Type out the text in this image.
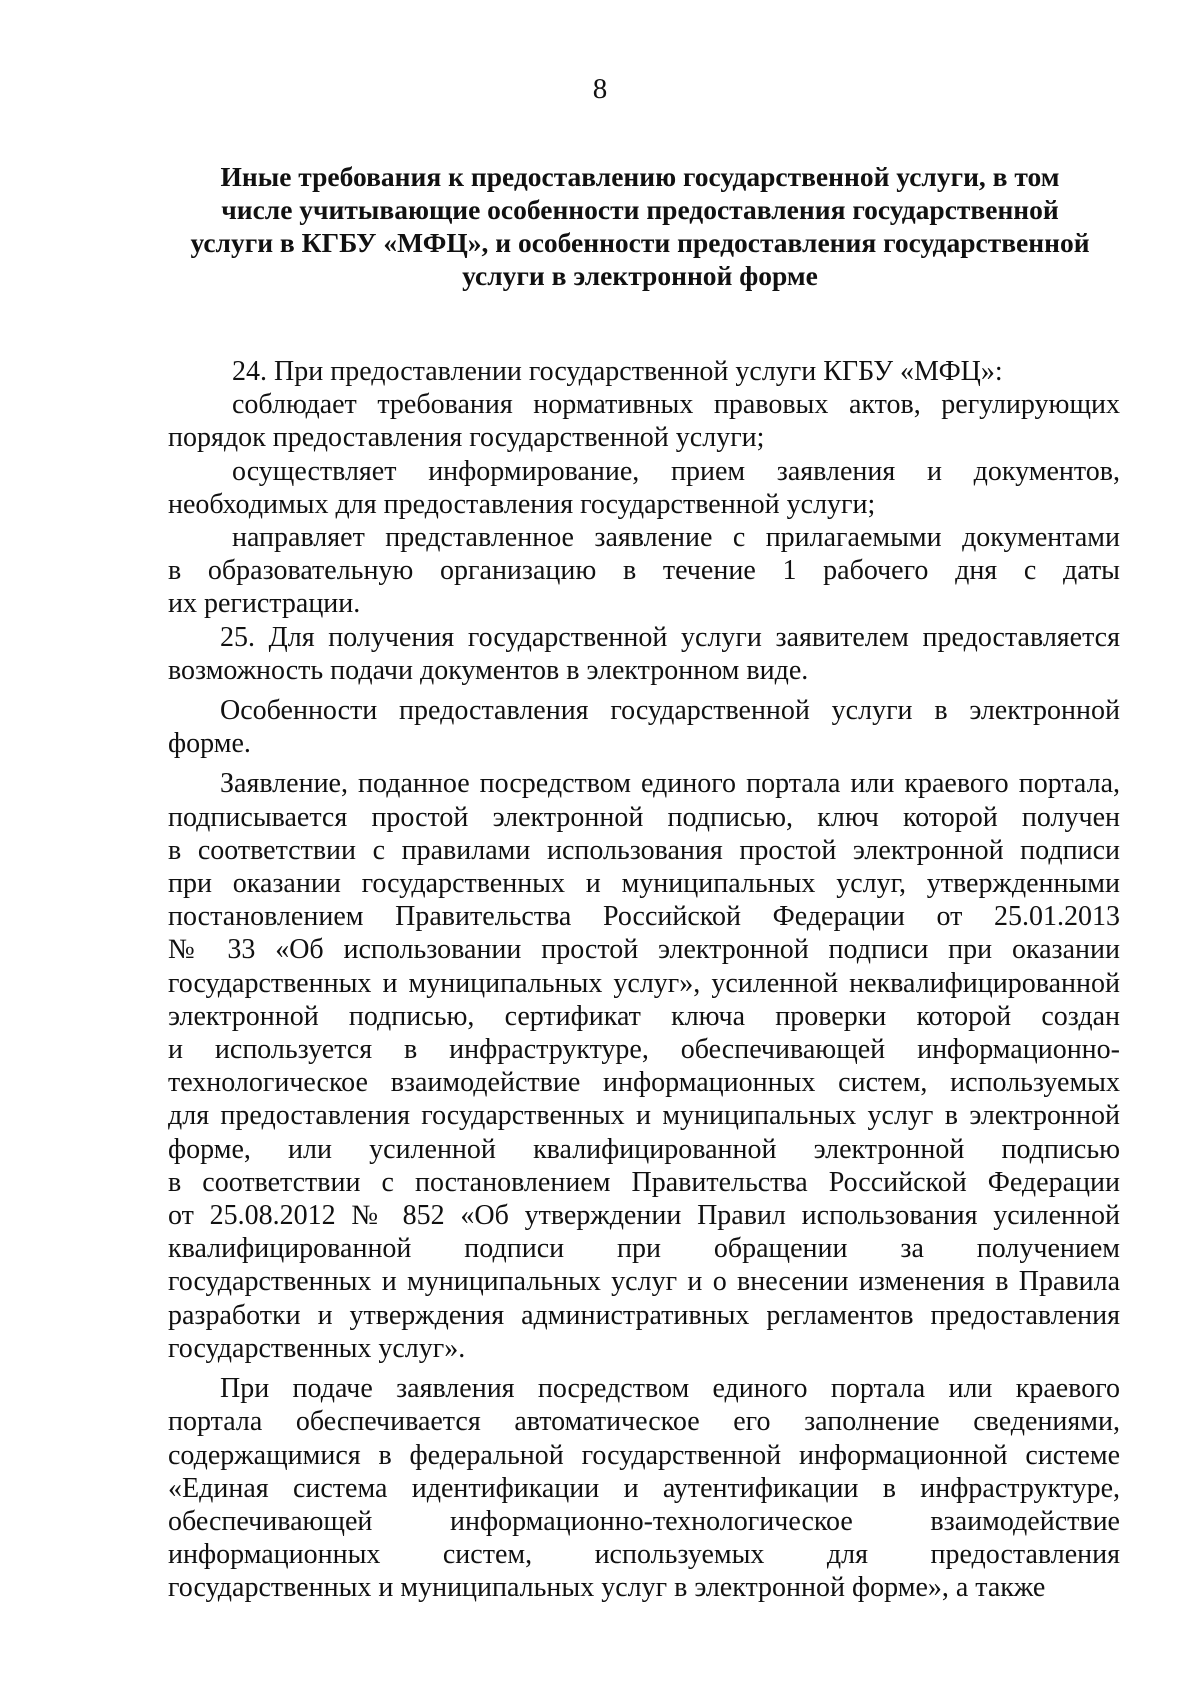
8
Иные требования к предоставлению государственной услуги, в том
числе учитывающие особенности предоставления государственной
услуги в КГБУ «МФЦ», и особенности предоставления государственной
услуги в электронной форме
24. При предоставлении государственной услуги КГБУ «МФЦ»:
соблюдает требования нормативных правовых актов, регулирующих
порядок предоставления государственной услуги;
осуществляет информирование, прием заявления и документов,
необходимых для предоставления государственной услуги;
направляет представленное заявление с прилагаемыми документами
в образовательную организацию в течение 1 рабочего дня с даты
их регистрации.
25. Для получения государственной услуги заявителем предоставляется
возможность подачи документов в электронном виде.
Особенности предоставления государственной услуги в электронной
форме.
Заявление, поданное посредством единого портала или краевого портала,
подписывается простой электронной подписью, ключ которой получен
в соответствии с правилами использования простой электронной подписи
при оказании государственных и муниципальных услуг, утвержденными
постановлением Правительства Российской Федерации от 25.01.2013
№ 33 «Об использовании простой электронной подписи при оказании
государственных и муниципальных услуг», усиленной неквалифицированной
электронной подписью, сертификат ключа проверки которой создан
и используется в инфраструктуре, обеспечивающей информационно-
технологическое взаимодействие информационных систем, используемых
для предоставления государственных и муниципальных услуг в электронной
форме, или усиленной квалифицированной электронной подписью
в соответствии с постановлением Правительства Российской Федерации
от 25.08.2012 № 852 «Об утверждении Правил использования усиленной
квалифицированной подписи при обращении за получением
государственных и муниципальных услуг и о внесении изменения в Правила
разработки и утверждения административных регламентов предоставления
государственных услуг».
При подаче заявления посредством единого портала или краевого
портала обеспечивается автоматическое его заполнение сведениями,
содержащимися в федеральной государственной информационной системе
«Единая система идентификации и аутентификации в инфраструктуре,
обеспечивающей информационно-технологическое взаимодействие
информационных систем, используемых для предоставления
государственных и муниципальных услуг в электронной форме», а также
